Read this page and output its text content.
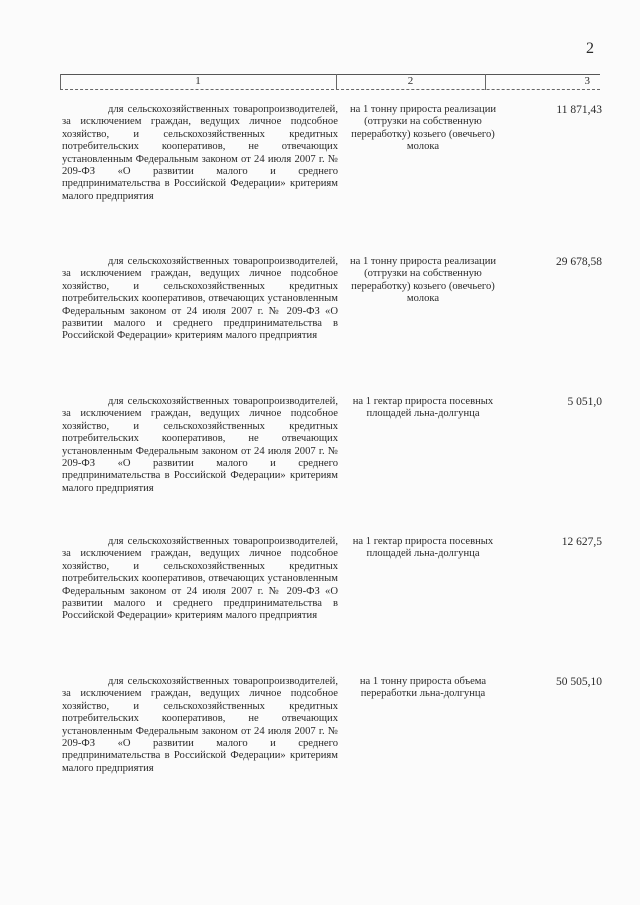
2
1	2	3
для сельскохозяйственных товаропроизводителей, за исключением граждан, ведущих личное подсобное хозяйство, и сельскохозяйственных кредитных потребительских кооперативов, не отвечающих установленным Федеральным законом от 24 июля 2007 г. № 209-ФЗ «О развитии малого и среднего предпринимательства в Российской Федерации» критериям малого предприятия
на 1 тонну прироста реализации (отгрузки на собственную переработку) козьего (овечьего) молока
11 871,43
для сельскохозяйственных товаропроизводителей, за исключением граждан, ведущих личное подсобное хозяйство, и сельскохозяйственных кредитных потребительских кооперативов, отвечающих установленным Федеральным законом от 24 июля 2007 г. № 209-ФЗ «О развитии малого и среднего предпринимательства в Российской Федерации» критериям малого предприятия
на 1 тонну прироста реализации (отгрузки на собственную переработку) козьего (овечьего) молока
29 678,58
для сельскохозяйственных товаропроизводителей, за исключением граждан, ведущих личное подсобное хозяйство, и сельскохозяйственных кредитных потребительских кооперативов, не отвечающих установленным Федеральным законом от 24 июля 2007 г. № 209-ФЗ «О развитии малого и среднего предпринимательства в Российской Федерации» критериям малого предприятия
на 1 гектар прироста посевных площадей льна-долгунца
5 051,0
для сельскохозяйственных товаропроизводителей, за исключением граждан, ведущих личное подсобное хозяйство, и сельскохозяйственных кредитных потребительских кооперативов, отвечающих установленным Федеральным законом от 24 июля 2007 г. № 209-ФЗ «О развитии малого и среднего предпринимательства в Российской Федерации» критериям малого предприятия
на 1 гектар прироста посевных площадей льна-долгунца
12 627,5
для сельскохозяйственных товаропроизводителей, за исключением граждан, ведущих личное подсобное хозяйство, и сельскохозяйственных кредитных потребительских кооперативов, не отвечающих установленным Федеральным законом от 24 июля 2007 г. № 209-ФЗ «О развитии малого и среднего предпринимательства в Российской Федерации» критериям малого предприятия
на 1 тонну прироста объема переработки льна-долгунца
50 505,10
